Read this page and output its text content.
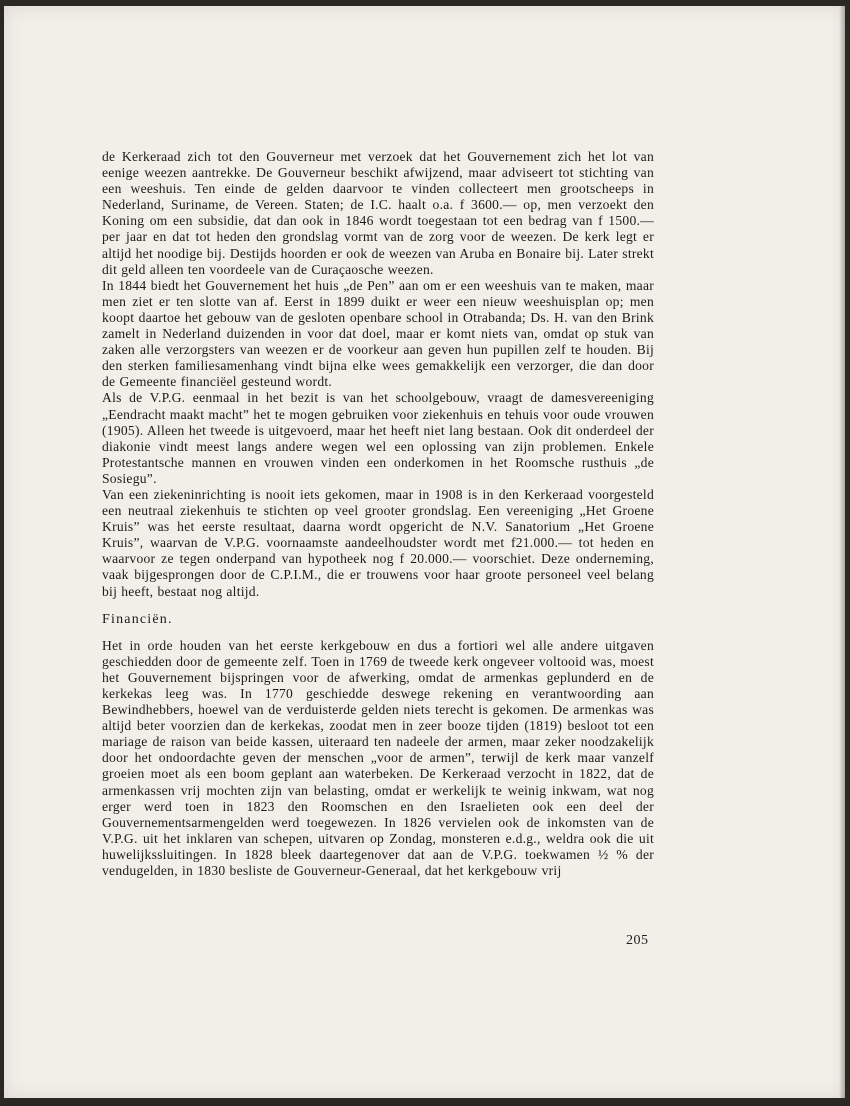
de Kerkeraad zich tot den Gouverneur met verzoek dat het Gouvernement zich het lot van eenige weezen aantrekke. De Gouverneur beschikt afwijzend, maar adviseert tot stichting van een weeshuis. Ten einde de gelden daarvoor te vinden collecteert men grootscheeps in Nederland, Suriname, de Vereen. Staten; de I.C. haalt o.a. f 3600.— op, men verzoekt den Koning om een subsidie, dat dan ook in 1846 wordt toegestaan tot een bedrag van f 1500.— per jaar en dat tot heden den grondslag vormt van de zorg voor de weezen. De kerk legt er altijd het noodige bij. Destijds hoorden er ook de weezen van Aruba en Bonaire bij. Later strekt dit geld alleen ten voordeele van de Curaçaosche weezen.

In 1844 biedt het Gouvernement het huis „de Pen” aan om er een weeshuis van te maken, maar men ziet er ten slotte van af. Eerst in 1899 duikt er weer een nieuw weeshuisplan op; men koopt daartoe het gebouw van de gesloten openbare school in Otrabanda; Ds. H. van den Brink zamelt in Nederland duizenden in voor dat doel, maar er komt niets van, omdat op stuk van zaken alle verzorgsters van weezen er de voorkeur aan geven hun pupillen zelf te houden. Bij den sterken familiesamenhang vindt bijna elke wees gemakkelijk een verzorger, die dan door de Gemeente financiëel gesteund wordt.

Als de V.P.G. eenmaal in het bezit is van het schoolgebouw, vraagt de damesvereeniging „Eendracht maakt macht” het te mogen gebruiken voor ziekenhuis en tehuis voor oude vrouwen (1905). Alleen het tweede is uitgevoerd, maar het heeft niet lang bestaan. Ook dit onderdeel der diakonie vindt meest langs andere wegen wel een oplossing van zijn problemen. Enkele Protestantsche mannen en vrouwen vinden een onderkomen in het Roomsche rusthuis „de Sosiegu”.

Van een ziekeninrichting is nooit iets gekomen, maar in 1908 is in den Kerkeraad voorgesteld een neutraal ziekenhuis te stichten op veel grooter grondslag. Een vereeniging „Het Groene Kruis” was het eerste resultaat, daarna wordt opgericht de N.V. Sanatorium „Het Groene Kruis”, waarvan de V.P.G. voornaamste aandeelhoudster wordt met f21.000.— tot heden en waarvoor ze tegen onderpand van hypotheek nog f 20.000.— voorschiet. Deze onderneming, vaak bijgesprongen door de C.P.I.M., die er trouwens voor haar groote personeel veel belang bij heeft, bestaat nog altijd.

Financiën.

Het in orde houden van het eerste kerkgebouw en dus a fortiori wel alle andere uitgaven geschiedden door de gemeente zelf. Toen in 1769 de tweede kerk ongeveer voltooid was, moest het Gouvernement bijspringen voor de afwerking, omdat de armenkas geplunderd en de kerkekas leeg was. In 1770 geschiedde deswege rekening en verantwoording aan Bewindhebbers, hoewel van de verduisterde gelden niets terecht is gekomen. De armenkas was altijd beter voorzien dan de kerkekas, zoodat men in zeer booze tijden (1819) besloot tot een mariage de raison van beide kassen, uiteraard ten nadeele der armen, maar zeker noodzakelijk door het ondoordachte geven der menschen „voor de armen”, terwijl de kerk maar vanzelf groeien moet als een boom geplant aan waterbeken. De Kerkeraad verzocht in 1822, dat de armenkassen vrij mochten zijn van belasting, omdat er werkelijk te weinig inkwam, wat nog erger werd toen in 1823 den Roomschen en den Israelieten ook een deel der Gouvernementsarmengelden werd toegewezen. In 1826 vervielen ook de inkomsten van de V.P.G. uit het inklaren van schepen, uitvaren op Zondag, monsteren e.d.g., weldra ook die uit huwelijkssluitingen. In 1828 bleek daartegenover dat aan de V.P.G. toekwamen ½ % der vendugelden, in 1830 besliste de Gouverneur-Generaal, dat het kerkgebouw vrij

205
